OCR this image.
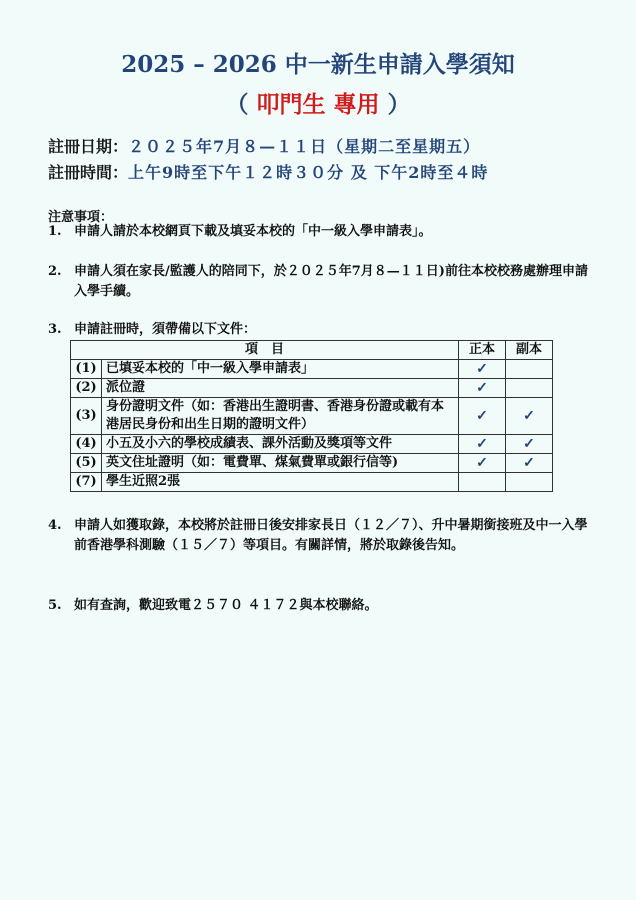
2025 – 2026 中一新生申請入學須知
（ 叩門生 專用 ）
註冊日期：２０２５年7月８—１１日（星期二至星期五）
註冊時間：上午9時至下午１２時３０分 及 下午2時至４時
注意事項：
1. 申請人請於本校網頁下載及填妥本校的「中一級入學申請表」。
2. 申請人須在家長/監護人的陪同下，於２０２５年7月８—１１日)前往本校校務處辦理申請入學手續。
3. 申請註冊時，須帶備以下文件：
項　目		正本	副本
(1)	已填妥本校的「中一級入學申請表」	✓	
(2)	派位證	✓	
(3)	身份證明文件（如：香港出生證明書、香港身份證或載有本港居民身份和出生日期的證明文件）	✓	✓
(4)	小五及小六的學校成績表、課外活動及獎項等文件	✓	✓
(5)	英文住址證明（如：電費單、煤氣費單或銀行信等)	✓	✓
(7)	學生近照2張		
4. 申請人如獲取錄，本校將於註冊日後安排家長日（１２／７）、升中暑期銜接班及中一入學前香港學科測驗（１５／７）等項目。有關詳情，將於取錄後告知。
5. 如有查詢，歡迎致電２５７０ ４１７２與本校聯絡。
